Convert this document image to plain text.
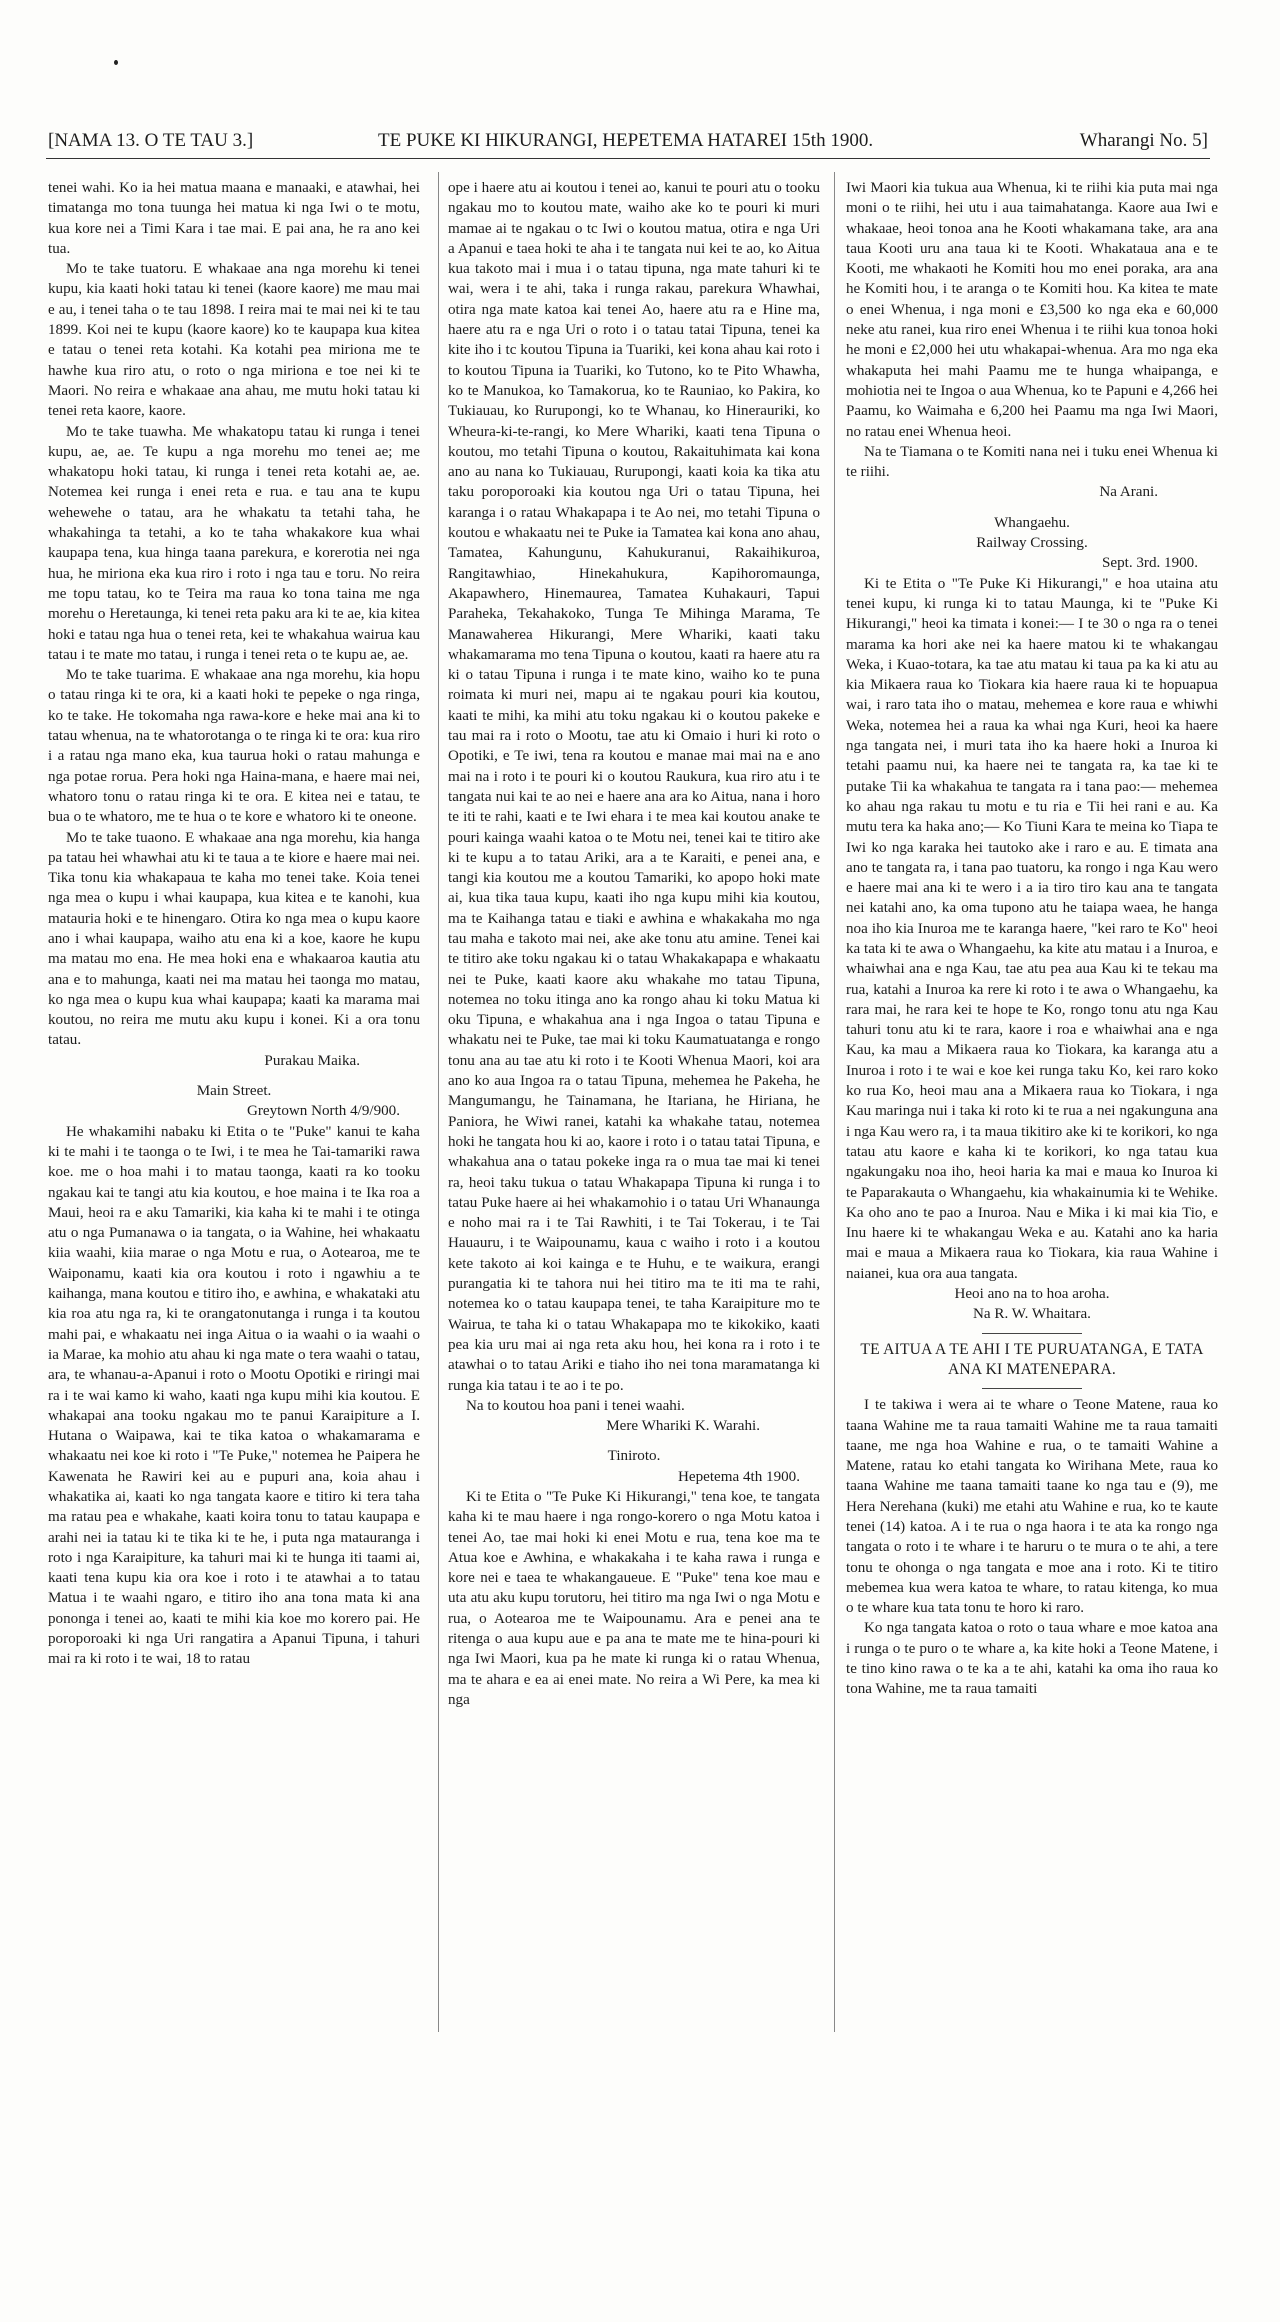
[NAMA 13. O TE TAU 3.]	TE PUKE KI HIKURANGI, HEPETEMA HATAREI 15th 1900.	Wharangi No. 5]

tenei wahi. Ko ia hei matua maana e manaaki, e atawhai, hei timatanga mo tona tuunga hei matua ki nga Iwi o te motu, kua kore nei a Timi Kara i tae mai. E pai ana, he ra ano kei tua.

Mo te take tuatoru. E whakaae ana nga morehu ki tenei kupu, kia kaati hoki tatau ki tenei (kaore kaore) me mau mai e au, i tenei taha o te tau 1898. I reira mai te mai nei ki te tau 1899. Koi nei te kupu (kaore kaore) ko te kaupapa kua kitea e tatau o tenei reta kotahi. Ka kotahi pea miriona me te hawhe kua riro atu, o roto o nga miriona e toe nei ki te Maori. No reira e whakaae ana ahau, me mutu hoki tatau ki tenei reta kaore, kaore.

Mo te take tuawha. Me whakatopu tatau ki runga i tenei kupu, ae, ae. Te kupu a nga morehu mo tenei ae; me whakatopu hoki tatau, ki runga i tenei reta kotahi ae, ae. Notemea kei runga i enei reta e rua. e tau ana te kupu wehewehe o tatau, ara he whakatu ta tetahi taha, he whakahinga ta tetahi, a ko te taha whakakore kua whai kaupapa tena, kua hinga taana parekura, e korerotia nei nga hua, he miriona eka kua riro i roto i nga tau e toru. No reira me topu tatau, ko te Teira ma raua ko tona taina me nga morehu o Heretaunga, ki tenei reta paku ara ki te ae, kia kitea hoki e tatau nga hua o tenei reta, kei te whakahua wairua kau tatau i te mate mo tatau, i runga i tenei reta o te kupu ae, ae.

Mo te take tuarima. E whakaae ana nga morehu, kia hopu o tatau ringa ki te ora, ki a kaati hoki te pepeke o nga ringa, ko te take. He tokomaha nga rawa-kore e heke mai ana ki to tatau whenua, na te whatorotanga o te ringa ki te ora: kua riro i a ratau nga mano eka, kua taurua hoki o ratau mahunga e nga potae rorua. Pera hoki nga Haina-mana, e haere mai nei, whatoro tonu o ratau ringa ki te ora. E kitea nei e tatau, te bua o te whatoro, me te hua o te kore e whatoro ki te oneone.

Mo te take tuaono. E whakaae ana nga morehu, kia hanga pa tatau hei whawhai atu ki te taua a te kiore e haere mai nei. Tika tonu kia whakapaua te kaha mo tenei take. Koia tenei nga mea o kupu i whai kaupapa, kua kitea e te kanohi, kua matauria hoki e te hinengaro. Otira ko nga mea o kupu kaore ano i whai kaupapa, waiho atu ena ki a koe, kaore he kupu ma matau mo ena. He mea hoki ena e whakaaroa kautia atu ana e to mahunga, kaati nei ma matau hei taonga mo matau, ko nga mea o kupu kua whai kaupapa; kaati ka marama mai koutou, no reira me mutu aku kupu i konei. Ki a ora tonu tatau.

Purakau Maika.

Main Street.

Greytown North 4/9/900.

He whakamihi nabaku ki Etita o te "Puke" kanui te kaha ki te mahi i te taonga o te Iwi, i te mea he Tai-tamariki rawa koe. me o hoa mahi i to matau taonga, kaati ra ko tooku ngakau kai te tangi atu kia koutou, e hoe maina i te Ika roa a Maui, heoi ra e aku Tamariki, kia kaha ki te mahi i te otinga atu o nga Pumanawa o ia tangata, o ia Wahine, hei whakaatu kiia waahi, kiia marae o nga Motu e rua, o Aotearoa, me te Waiponamu, kaati kia ora koutou i roto i ngawhiu a te kaihanga, mana koutou e titiro iho, e awhina, e whakataki atu kia roa atu nga ra, ki te orangatonutanga i runga i ta koutou mahi pai, e whakaatu nei inga Aitua o ia waahi o ia waahi o ia Marae, ka mohio atu ahau ki nga mate o tera waahi o tatau, ara, te whanau-a-Apanui i roto o Mootu Opotiki e riringi mai ra i te wai kamo ki waho, kaati nga kupu mihi kia koutou. E whakapai ana tooku ngakau mo te panui Karaipiture a I. Hutana o Waipawa, kai te tika katoa o whakamarama e whakaatu nei koe ki roto i "Te Puke," notemea he Paipera he Kawenata he Rawiri kei au e pupuri ana, koia ahau i whakatika ai, kaati ko nga tangata kaore e titiro ki tera taha ma ratau pea e whakahe, kaati koira tonu to tatau kaupapa e arahi nei ia tatau ki te tika ki te he, i puta nga matauranga i roto i nga Karaipiture, ka tahuri mai ki te hunga iti taami ai, kaati tena kupu kia ora koe i roto i te atawhai a to tatau Matua i te waahi ngaro, e titiro iho ana tona mata ki ana pononga i tenei ao, kaati te mihi kia koe mo korero pai. He poroporoaki ki nga Uri rangatira a Apanui Tipuna, i tahuri mai ra ki roto i te wai, 18 to ratau

ope i haere atu ai koutou i tenei ao, kanui te pouri atu o tooku ngakau mo to koutou mate, waiho ake ko te pouri ki muri mamae ai te ngakau o tc Iwi o koutou matua, otira e nga Uri a Apanui e taea hoki te aha i te tangata nui kei te ao, ko Aitua kua takoto mai i mua i o tatau tipuna, nga mate tahuri ki te wai, wera i te ahi, taka i runga rakau, parekura Whawhai, otira nga mate katoa kai tenei Ao, haere atu ra e Hine ma, haere atu ra e nga Uri o roto i o tatau tatai Tipuna, tenei ka kite iho i tc koutou Tipuna ia Tuariki, kei kona ahau kai roto i to koutou Tipuna ia Tuariki, ko Tutono, ko te Pito Whawha, ko te Manukoa, ko Tamakorua, ko te Rauniao, ko Pakira, ko Tukiauau, ko Rurupongi, ko te Whanau, ko Hinerauriki, ko Wheura-ki-te-rangi, ko Mere Whariki, kaati tena Tipuna o koutou, mo tetahi Tipuna o koutou, Rakaituhimata kai kona ano au nana ko Tukiauau, Rurupongi, kaati koia ka tika atu taku poroporoaki kia koutou nga Uri o tatau Tipuna, hei karanga i o ratau Whakapapa i te Ao nei, mo tetahi Tipuna o koutou e whakaatu nei te Puke ia Tamatea kai kona ano ahau, Tamatea, Kahungunu, Kahukuranui, Rakaihikuroa, Rangitawhiao, Hinekahukura, Kapihoromaunga, Akapawhero, Hinemaurea, Tamatea Kuhakauri, Tapui Paraheka, Tekahakoko, Tunga Te Mihinga Marama, Te Manawaherea Hikurangi, Mere Whariki, kaati taku whakamarama mo tena Tipuna o koutou, kaati ra haere atu ra ki o tatau Tipuna i runga i te mate kino, waiho ko te puna roimata ki muri nei, mapu ai te ngakau pouri kia koutou, kaati te mihi, ka mihi atu toku ngakau ki o koutou pakeke e tau mai ra i roto o Mootu, tae atu ki Omaio i huri ki roto o Opotiki, e Te iwi, tena ra koutou e manae mai mai na e ano mai na i roto i te pouri ki o koutou Raukura, kua riro atu i te tangata nui kai te ao nei e haere ana ara ko Aitua, nana i horo te iti te rahi, kaati e te Iwi ehara i te mea kai koutou anake te pouri kainga waahi katoa o te Motu nei, tenei kai te titiro ake ki te kupu a to tatau Ariki, ara a te Karaiti, e penei ana, e tangi kia koutou me a koutou Tamariki, ko apopo hoki mate ai, kua tika taua kupu, kaati iho nga kupu mihi kia koutou, ma te Kaihanga tatau e tiaki e awhina e whakakaha mo nga tau maha e takoto mai nei, ake ake tonu atu amine. Tenei kai te titiro ake toku ngakau ki o tatau Whakakapapa e whakaatu nei te Puke, kaati kaore aku whakahe mo tatau Tipuna, notemea no toku itinga ano ka rongo ahau ki toku Matua ki oku Tipuna, e whakahua ana i nga Ingoa o tatau Tipuna e whakatu nei te Puke, tae mai ki toku Kaumatuatanga e rongo tonu ana au tae atu ki roto i te Kooti Whenua Maori, koi ara ano ko aua Ingoa ra o tatau Tipuna, mehemea he Pakeha, he Mangumangu, he Tainamana, he Itariana, he Hiriana, he Paniora, he Wiwi ranei, katahi ka whakahe tatau, notemea hoki he tangata hou ki ao, kaore i roto i o tatau tatai Tipuna, e whakahua ana o tatau pokeke inga ra o mua tae mai ki tenei ra, heoi taku tukua o tatau Whakapapa Tipuna ki runga i to tatau Puke haere ai hei whakamohio i o tatau Uri Whanaunga e noho mai ra i te Tai Rawhiti, i te Tai Tokerau, i te Tai Hauauru, i te Waipounamu, kaua c waiho i roto i a koutou kete takoto ai koi kainga e te Huhu, e te waikura, erangi purangatia ki te tahora nui hei titiro ma te iti ma te rahi, notemea ko o tatau kaupapa tenei, te taha Karaipiture mo te Wairua, te taha ki o tatau Whakapapa mo te kikokiko, kaati pea kia uru mai ai nga reta aku hou, hei kona ra i roto i te atawhai o to tatau Ariki e tiaho iho nei tona maramatanga ki runga kia tatau i te ao i te po.

Na to koutou hoa pani i tenei waahi.

Mere Whariki K. Warahi.

Tiniroto.

Hepetema 4th 1900.

Ki te Etita o "Te Puke Ki Hikurangi," tena koe, te tangata kaha ki te mau haere i nga rongo-korero o nga Motu katoa i tenei Ao, tae mai hoki ki enei Motu e rua, tena koe ma te Atua koe e Awhina, e whakakaha i te kaha rawa i runga e kore nei e taea te whakangaueue. E "Puke" tena koe mau e uta atu aku kupu torutoru, hei titiro ma nga Iwi o nga Motu e rua, o Aotearoa me te Waipounamu. Ara e penei ana te ritenga o aua kupu aue e pa ana te mate me te hina-pouri ki nga Iwi Maori, kua pa he mate ki runga ki o ratau Whenua, ma te ahara e ea ai enei mate. No reira a Wi Pere, ka mea ki nga

Iwi Maori kia tukua aua Whenua, ki te riihi kia puta mai nga moni o te riihi, hei utu i aua taimahatanga. Kaore aua Iwi e whakaae, heoi tonoa ana he Kooti whakamana take, ara ana taua Kooti uru ana taua ki te Kooti. Whakataua ana e te Kooti, me whakaoti he Komiti hou mo enei poraka, ara ana he Komiti hou, i te aranga o te Komiti hou. Ka kitea te mate o enei Whenua, i nga moni e £3,500 ko nga eka e 60,000 neke atu ranei, kua riro enei Whenua i te riihi kua tonoa hoki he moni e £2,000 hei utu whakapai-whenua. Ara mo nga eka whakaputa hei mahi Paamu me te hunga whaipanga, e mohiotia nei te Ingoa o aua Whenua, ko te Papuni e 4,266 hei Paamu, ko Waimaha e 6,200 hei Paamu ma nga Iwi Maori, no ratau enei Whenua heoi.

Na te Tiamana o te Komiti nana nei i tuku enei Whenua ki te riihi.

Na Arani.

Whangaehu.

Railway Crossing.

Sept. 3rd. 1900.

Ki te Etita o "Te Puke Ki Hikurangi," e hoa utaina atu tenei kupu, ki runga ki to tatau Maunga, ki te "Puke Ki Hikurangi," heoi ka timata i konei:— I te 30 o nga ra o tenei marama ka hori ake nei ka haere matou ki te whakangau Weka, i Kuao-totara, ka tae atu matau ki taua pa ka ki atu au kia Mikaera raua ko Tiokara kia haere raua ki te hopuapua wai, i raro tata iho o matau, mehemea e kore raua e whiwhi Weka, notemea hei a raua ka whai nga Kuri, heoi ka haere nga tangata nei, i muri tata iho ka haere hoki a Inuroa ki tetahi paamu nui, ka haere nei te tangata ra, ka tae ki te putake Tii ka whakahua te tangata ra i tana pao:— mehemea ko ahau nga rakau tu motu e tu ria e Tii hei rani e au. Ka mutu tera ka haka ano;— Ko Tiuni Kara te meina ko Tiapa te Iwi ko nga karaka hei tautoko ake i raro e au. E timata ana ano te tangata ra, i tana pao tuatoru, ka rongo i nga Kau wero e haere mai ana ki te wero i a ia tiro tiro kau ana te tangata nei katahi ano, ka oma tupono atu he taiapa waea, he hanga noa iho kia Inuroa me te karanga haere, "kei raro te Ko" heoi ka tata ki te awa o Whangaehu, ka kite atu matau i a Inuroa, e whaiwhai ana e nga Kau, tae atu pea aua Kau ki te tekau ma rua, katahi a Inuroa ka rere ki roto i te awa o Whangaehu, ka rara mai, he rara kei te hope te Ko, rongo tonu atu nga Kau tahuri tonu atu ki te rara, kaore i roa e whaiwhai ana e nga Kau, ka mau a Mikaera raua ko Tiokara, ka karanga atu a Inuroa i roto i te wai e koe kei runga taku Ko, kei raro koko ko rua Ko, heoi mau ana a Mikaera raua ko Tiokara, i nga Kau maringa nui i taka ki roto ki te rua a nei ngakunguna ana i nga Kau wero ra, i ta maua tikitiro ake ki te korikori, ko nga tatau atu kaore e kaha ki te korikori, ko nga tatau kua ngakungaku noa iho, heoi haria ka mai e maua ko Inuroa ki te Paparakauta o Whangaehu, kia whakainumia ki te Wehike. Ka oho ano te pao a Inuroa. Nau e Mika i ki mai kia Tio, e Inu haere ki te whakangau Weka e au. Katahi ano ka haria mai e maua a Mikaera raua ko Tiokara, kia raua Wahine i naianei, kua ora aua tangata.

Heoi ano na to hoa aroha.

Na R. W. Whaitara.

TE AITUA A TE AHI I TE PURUATANGA, E TATA ANA KI MATENEPARA.

I te takiwa i wera ai te whare o Teone Matene, raua ko taana Wahine me ta raua tamaiti Wahine me ta raua tamaiti taane, me nga hoa Wahine e rua, o te tamaiti Wahine a Matene, ratau ko etahi tangata ko Wirihana Mete, raua ko taana Wahine me taana tamaiti taane ko nga tau e (9), me Hera Nerehana (kuki) me etahi atu Wahine e rua, ko te kaute tenei (14) katoa. A i te rua o nga haora i te ata ka rongo nga tangata o roto i te whare i te haruru o te mura o te ahi, a tere tonu te ohonga o nga tangata e moe ana i roto. Ki te titiro mebemea kua wera katoa te whare, to ratau kitenga, ko mua o te whare kua tata tonu te horo ki raro.

Ko nga tangata katoa o roto o taua whare e moe katoa ana i runga o te puro o te whare a, ka kite hoki a Teone Matene, i te tino kino rawa o te ka a te ahi, katahi ka oma iho raua ko tona Wahine, me ta raua tamaiti
